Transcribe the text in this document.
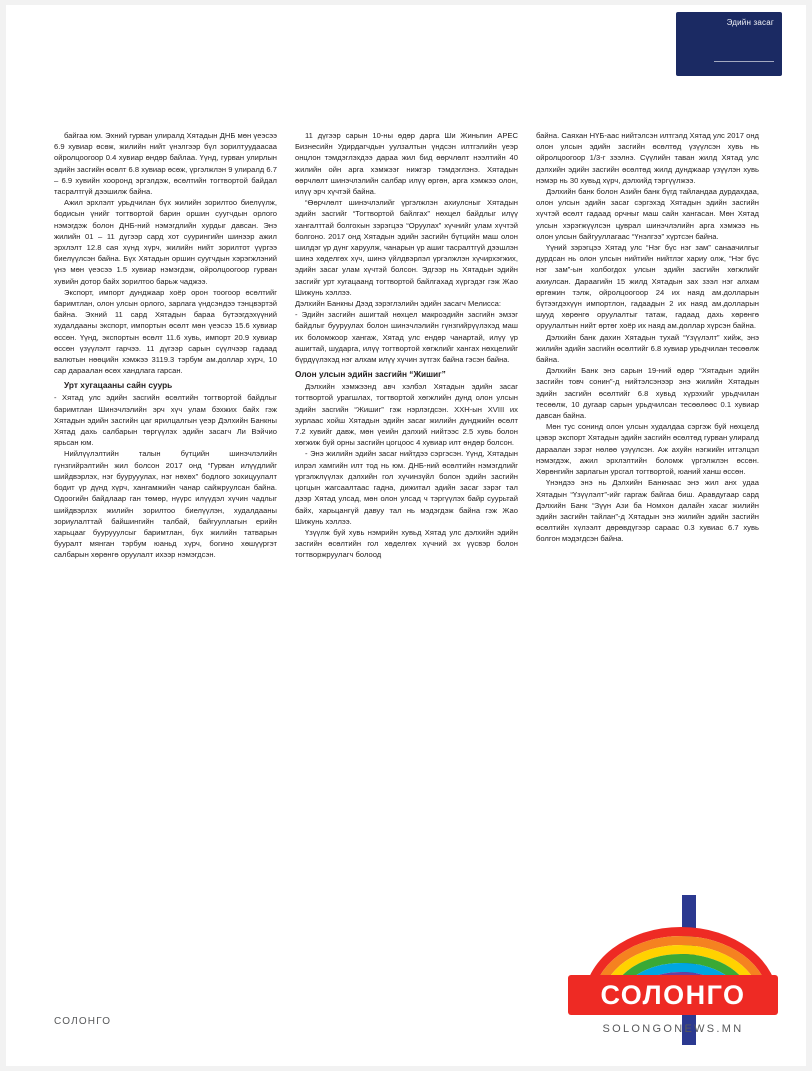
Эдийн засаг

байгаа юм. Эхний гурван улиралд Хятадын ДНБ мөн үеэсээ 6.9 хувиар өсөж, жилийн нийт үнэлгээр бүл зорилтуудаасаа ойролцоогоор 0.4 хувиар өндөр байлаа. Үүнд, гурван улирлын эдийн засгийн өсөлт 6.8 хувиар өсөж, үргэлжлэн 9 улиралд 6.7 – 6.9 хувийн хооронд эргэлдэж, өсөлтийн тогтвортой байдал тасралтгүй дээшилж байна.

Ажил эрхлэлт урьдчилан бүх жилийн зорилтоо биелүүлж, бодисын үнийг тогтвортой барин оршин суугчдын орлого нэмэгдэж болон ДНБ-ний нэмэгдлийн хурдыг давсан. Энэ жилийн 01 – 11 дүгээр сард хот суурингийн шинээр ажил эрхлэлт 12.8 сая хүнд хүрч, жилийн нийт зорилтот үүргээ биелүүлсэн байна. Бүх Хятадын оршин суугчдын хэрэгжлэний үнэ мөн үеэсээ 1.5 хувиар нэмэгдэж, ойролцоогоор гурван хувийн дотор байх зорилтоо барьж чаджээ.

Экспорт, импорт дунджаар хоёр орон тоогоор өсөлтийг баримтлан, олон улсын орлого, зарлага үндсэндээ тэнцвэртэй байна. Эхний 11 сард Хятадын бараа бүтээгдэхүүний худалдааны экспорт, импортын өсөлт мөн үеэсээ 15.6 хувиар өссөн. Үүнд, экспортын өсөлт 11.6 хувь, импорт 20.9 хувиар өссөн үзүүлэлт гарчээ. 11 дүгээр сарын сүүлчээр гадаад валютын нөөцийн хэмжээ 3119.3 тэрбум ам.доллар хүрч, 10 сар дараалан өсөх хандлага гарсан.

Урт хугацааны сайн суурь

- Хятад улс эдийн засгийн өсөлтийн тогтвортой байдлыг баримтлан Шинэчлэлийн эрч хүч улам бэхжих байх гэж Хятадын эдийн засгийн цаг ярилцалгын үеэр Дэлхийн Банкны Хятад дахь салбарын төргүүлэх эдийн засагч Ли Вэйчио ярьсан юм.

Нийлүүлэлтийн талын бүтцийн шинэчлэлийн гүнзгийрэлтийн жил болсон 2017 онд “Гурван илүүдлийг шийдвэрлэх, нэг буурууулах, нэг нөхөх” бодлого зохицуулалт бодит үр дүнд хүрч, хангамжийн чанар сайжруулсан байна. Одоогийн байдлаар ган төмөр, нүүрс илүүдэл хүчин чадлыг шийдвэрлэх жилийн зорилтоо биелүүлэн, худалдааны зориулалттай байшингийн талбай, байгууллагын ерийн харьцааг буурууулсыг баримтлан, бүх жилийн татварын бууралт мянган тэрбум юаньд хүрч, богино хөшүүргэт салбарын хөрөнгө оруулалт ихээр нэмэгдсэн.

11 дүгээр сарын 10-ны өдөр дарга Ши Жиньпин АРЕС Бизнесийн Удирдагчдын уулзалтын үндсэн илтгэлийн үеэр онцлон тэмдэглэхдээ дараа жил бид өөрчлөлт нээлтийн 40 жилийн ойн арга хэмжээг нижгэр тэмдэглэнэ. Хятадын өөрчлөлт шинэчлэлийн салбар илүү өргөн, арга хэмжээ олон, илүү эрч хүчтэй байна.

“Өөрчлөлт шинэчлэлийг үргэлжлэн ахиулсныг Хятадын эдийн засгийг “Тогтвортой байлгах” нөхцел байдлыг илүү хангалттай болгохын зэрэгцээ “Оруулах” хүчнийг улам хүчтэй болгоно. 2017 онд Хятадын эдийн засгийн бүтцийн маш олон шилдэг үр дүнг харуулж, чанарын үр ашиг тасралтгүй дээшлэн шинэ хөделгөх хүч, шинэ үйлдвэрлэл үргэлжлэн хүчирхэгжих, эдийн засаг улам хүчтэй болсон. Эдгээр нь Хятадын эдийн засгийг урт хугацаанд тогтвортой байлгахад хүргэдэг гэж Жао Шижунь хэллээ.

Дэлхийн Банкны Дээд зэрэглэлийн эдийн засагч Мелисса:

- Эдийн засгийн ашигтай нөхцел макроэдийн засгийн эмзэг байдлыг бууруулах болон шинэчлэлийн гүнзгийрүүлэхэд маш их боломжоор хангаж, Хятад улс ендөр чанартай, илүү үр ашигтай, шударга, илүү тогтвортой хөгжлийг хангах нөхцелийг бүрдүүлэхэд нэг алхам илүү хүчин зүтгэх байна гэсэн байна.

Олон улсын эдийн засгийн “Жишиг”

Дэлхийн хэмжээнд авч хэлбэл Хятадын эдийн засаг тогтвортой урагшлах, тогтвортой хөгжлийн дунд олон улсын эдийн засгийн “Жишиг” гэж нэрлэгдсэн. ХХН-ын XVIII их хурлаас хойш Хятадын эдийн засаг жилийн дунджийн өсөлт 7.2 хувийг давж, мөн үеийн дэлхий нийтээс 2.5 хувь болон хөгжиж буй орны засгийн цогцоос 4 хувиар илт өндөр болсон.

- Энэ жилийн эдийн засаг нийтдээ сэргэсэн. Үүнд, Хятадын илрэл хамгийн илт тод нь юм. ДНБ-ний өсөлтийн нэмэгдлийг үргэлжлүүлэх дэлхийн гол хүчинзүйл болон эдийн засгийн цогцын жагсаалтаас гадна, дижитал эдийн засаг зэрэг тал дээр Хятад улсад, мөн олон улсад ч тэргүүлэх байр суурьтай байх, харьцангүй давуу тал нь мэдэгдэж байна гэж Жао Шижунь хэллээ.

Үзүүлж буй хувь нэмрийн хувьд Хятад улс дэлхийн эдийн засгийн өсөлтийн гол хөделгөх хүчний эх үүсвэр болон тогтворжруулагч болоод

байна. Саяхан НҮБ-аас нийтэлсэн илтгэлд Хятад улс 2017 онд олон улсын эдийн засгийн өсөлтөд үзүүлсэн хувь нь ойролцоогоор 1/3-г зээлнэ. Сүүлийн таван жилд Хятад улс дэлхийн эдийн засгийн өсөлтөд жилд дунджаар үзүүлэн хувь нэмэр нь 30 хувьд хүрч, дэлхийд тэргүүлжээ.

Дэлхийн банк болон Азийн банк бүгд тайландаа дурдахдаа, олон улсын эдийн засаг сэргэхэд Хятадын эдийн засгийн хүчтэй өсөлт гадаад орчныг маш сайн хангасан. Мөн Хятад улсын хэрэгжүүлсэн цуврал шинэчлэлийн арга хэмжээ нь олон улсын байгууллагаас “Үнэлгээ” хүртсэн байна.

Үүний зэрэгцээ Хятад улс “Нэг бүс нэг зам” санаачилгыг дурдсан нь олон улсын нийтийн нийтлэг хариу олж, “Нэг бүс нэг зам”-ын холбогдох улсын эдийн засгийн хөгжлийг ахиулсан. Дараагийн 15 жилд Хятадын зах зээл нэг алхам өргөжин тэлж, ойролцоогоор 24 их наяд ам.долларын бүтээгдэхүүн импортлон, гадаадын 2 их наяд ам.долларын шууд хөрөнгө оруулалтыг татаж, гадаад дахь хөрөнгө оруулалтын нийт өртөг хоёр их наяд ам.доллар хүрсэн байна.

Дэлхийн банк дахин Хятадын тухай “Үзүүлэлт” хийж, энэ жилийн эдийн засгийн өсөлтийг 6.8 хувиар урьдчилан тесөөлж байна.

Дэлхийн Банк энэ сарын 19-ний өдөр “Хятадын эдийн засгийн товч сонин”-д нийтэлсэнээр энэ жилийн Хятадын эдийн засгийн өсөлтийг 6.8 хувьд хүрэхийг урьдчилан тесөөлж, 10 дугаар сарын урьдчилсан тесөөлөөс 0.1 хувиар давсан байна.

Мөн тус сонинд олон улсын худалдаа сэргэж буй нөхцелд цэвэр экспорт Хятадын эдийн засгийн өсөлтөд гурван улиралд дараалан зэрэг нөлөө үзүүлсэн. Аж ахуйн нэгжийн итгэлцэл нэмэгдэж, ажил эрхлэлтийн боломж үргэлжлэн өссөн. Хөрөнгийн зарлагын урсгал тогтвортой, юаний ханш өссөн.

Үнэндээ энэ нь Дэлхийн Банкнаас энэ жил анх удаа Хятадын “Үзүүлэлт”-ийг гаргаж байгаа биш. Аравдугаар сард Дэлхийн Банк “Зүүн Ази ба Номхон далайн хасаг жилийн эдийн засгийн тайлан”-д Хятадын энэ жилийн эдийн засгийн өсөлтийн хүлээлт дөрөвдүгээр сараас 0.3 хувиас 6.7 хувь болгон мэдэгдсэн байна.

СОЛОНГО
СОЛОНГО
SOLONGONEWS.MN
